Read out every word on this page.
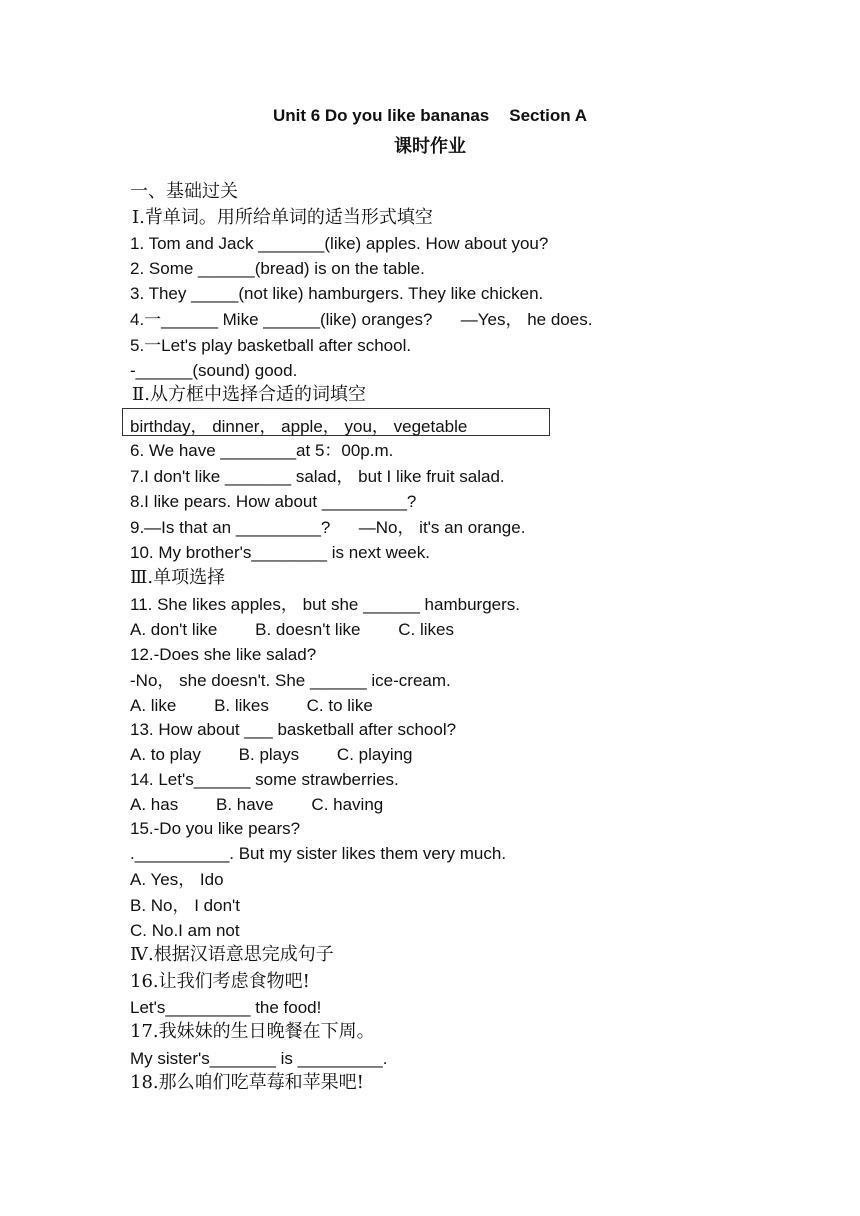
Unit 6 Do you like bananas Section A
课时作业
一、基础过关
Ⅰ.背单词。用所给单词的适当形式填空
1. Tom and Jack _______(like) apples. How about you?
2. Some ______(bread) is on the table.
3. They _____(not like) hamburgers. They like chicken.
4.一______ Mike ______(like) oranges?      —Yes， he does.
5.一Let's play basketball after school.
-______(sound) good.
Ⅱ.从方框中选择合适的词填空
birthday， dinner， apple， you， vegetable
6. We have ________at 5：00p.m.
7.I don't like _______ salad， but I like fruit salad.
8.I like pears. How about _________?
9.—Is that an _________?      —No， it's an orange.
10. My brother's________ is next week.
Ⅲ.单项选择
11. She likes apples， but she ______ hamburgers.
A. don't like        B. doesn't like        C. likes
12.-Does she like salad?
-No， she doesn't. She ______ ice-cream.
A. like        B. likes        C. to like
13. How about ___ basketball after school?
A. to play        B. plays        C. playing
14. Let's______ some strawberries.
A. has        B. have        C. having
15.-Do you like pears?
.__________. But my sister likes them very much.
A. Yes， Ido
B. No， I don't
C. No.I am not
Ⅳ.根据汉语意思完成句子
16.让我们考虑食物吧!
Let's_________ the food!
17.我妹妹的生日晚餐在下周。
My sister's_______ is _________.
18.那么咱们吃草莓和苹果吧!
